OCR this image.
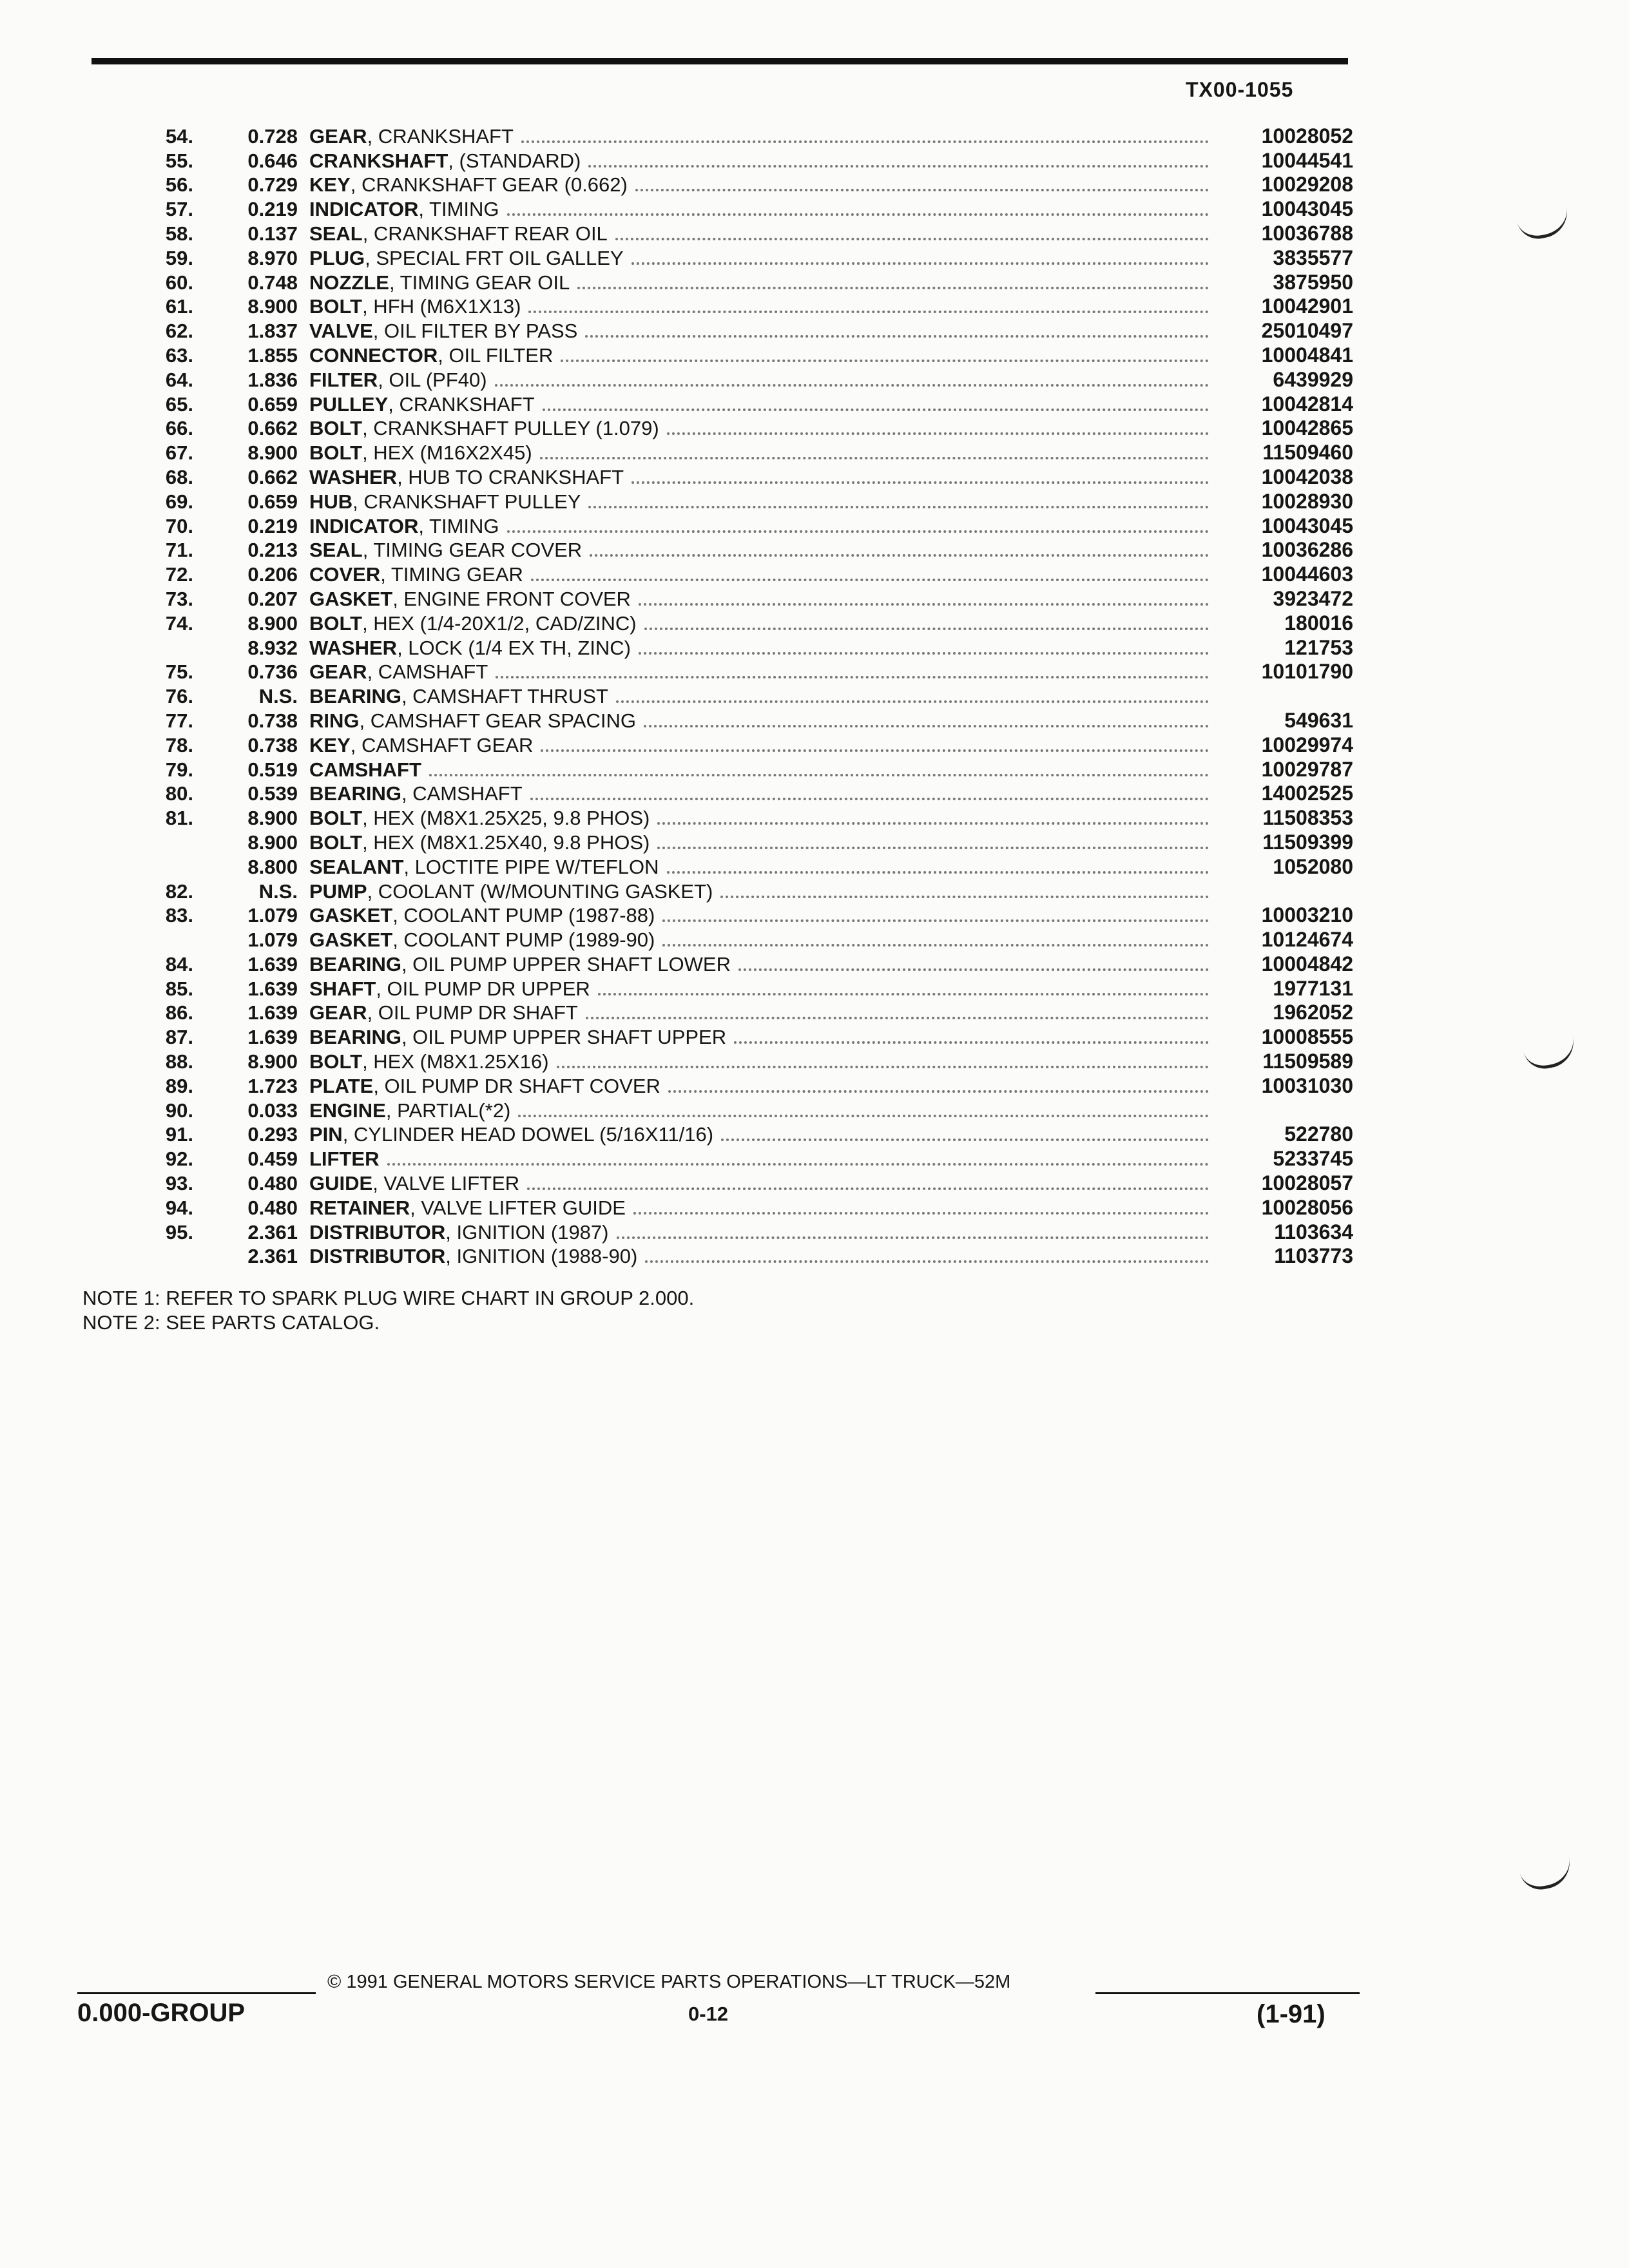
TX00-1055
54.	0.728 GEAR , CRANKSHAFT	10028052
55.	0.646 CRANKSHAFT , (STANDARD)	10044541
56.	0.729 KEY , CRANKSHAFT GEAR (0.662)	10029208
57.	0.219 INDICATOR , TIMING	10043045
58.	0.137 SEAL , CRANKSHAFT REAR OIL	10036788
59.	8.970 PLUG , SPECIAL FRT OIL GALLEY	3835577
60.	0.748 NOZZLE , TIMING GEAR OIL	3875950
61.	8.900 BOLT , HFH (M6X1X13)	10042901
62.	1.837 VALVE , OIL FILTER BY PASS	25010497
63.	1.855 CONNECTOR , OIL FILTER	10004841
64.	1.836 FILTER , OIL (PF40)	6439929
65.	0.659 PULLEY , CRANKSHAFT	10042814
66.	0.662 BOLT , CRANKSHAFT PULLEY (1.079)	10042865
67.	8.900 BOLT , HEX (M16X2X45)	11509460
68.	0.662 WASHER , HUB TO CRANKSHAFT	10042038
69.	0.659 HUB , CRANKSHAFT PULLEY	10028930
70.	0.219 INDICATOR , TIMING	10043045
71.	0.213 SEAL , TIMING GEAR COVER	10036286
72.	0.206 COVER , TIMING GEAR	10044603
73.	0.207 GASKET , ENGINE FRONT COVER	3923472
74.	8.900 BOLT , HEX (1/4-20X1/2, CAD/ZINC)	180016
8.932 WASHER , LOCK (1/4 EX TH, ZINC)	121753
75.	0.736 GEAR , CAMSHAFT	10101790
76.	N.S. BEARING , CAMSHAFT THRUST
77.	0.738 RING , CAMSHAFT GEAR SPACING	549631
78.	0.738 KEY , CAMSHAFT GEAR	10029974
79.	0.519 CAMSHAFT	10029787
80.	0.539 BEARING , CAMSHAFT	14002525
81.	8.900 BOLT , HEX (M8X1.25X25, 9.8 PHOS)	11508353
8.900 BOLT , HEX (M8X1.25X40, 9.8 PHOS)	11509399
8.800 SEALANT , LOCTITE PIPE W/TEFLON	1052080
82.	N.S. PUMP , COOLANT (W/MOUNTING GASKET)
83.	1.079 GASKET , COOLANT PUMP (1987-88)	10003210
1.079 GASKET , COOLANT PUMP (1989-90)	10124674
84.	1.639 BEARING , OIL PUMP UPPER SHAFT LOWER	10004842
85.	1.639 SHAFT , OIL PUMP DR UPPER	1977131
86.	1.639 GEAR , OIL PUMP DR SHAFT	1962052
87.	1.639 BEARING , OIL PUMP UPPER SHAFT UPPER	10008555
88.	8.900 BOLT , HEX (M8X1.25X16)	11509589
89.	1.723 PLATE , OIL PUMP DR SHAFT COVER	10031030
90.	0.033 ENGINE , PARTIAL(*2)
91.	0.293 PIN , CYLINDER HEAD DOWEL (5/16X11/16)	522780
92.	0.459 LIFTER	5233745
93.	0.480 GUIDE , VALVE LIFTER	10028057
94.	0.480 RETAINER , VALVE LIFTER GUIDE	10028056
95.	2.361 DISTRIBUTOR , IGNITION (1987)	1103634
2.361 DISTRIBUTOR , IGNITION (1988-90)	1103773
NOTE 1: REFER TO SPARK PLUG WIRE CHART IN GROUP 2.000.
NOTE 2: SEE PARTS CATALOG.
© 1991 GENERAL MOTORS SERVICE PARTS OPERATIONS—LT TRUCK—52M
0.000-GROUP	0-12	(1-91)
